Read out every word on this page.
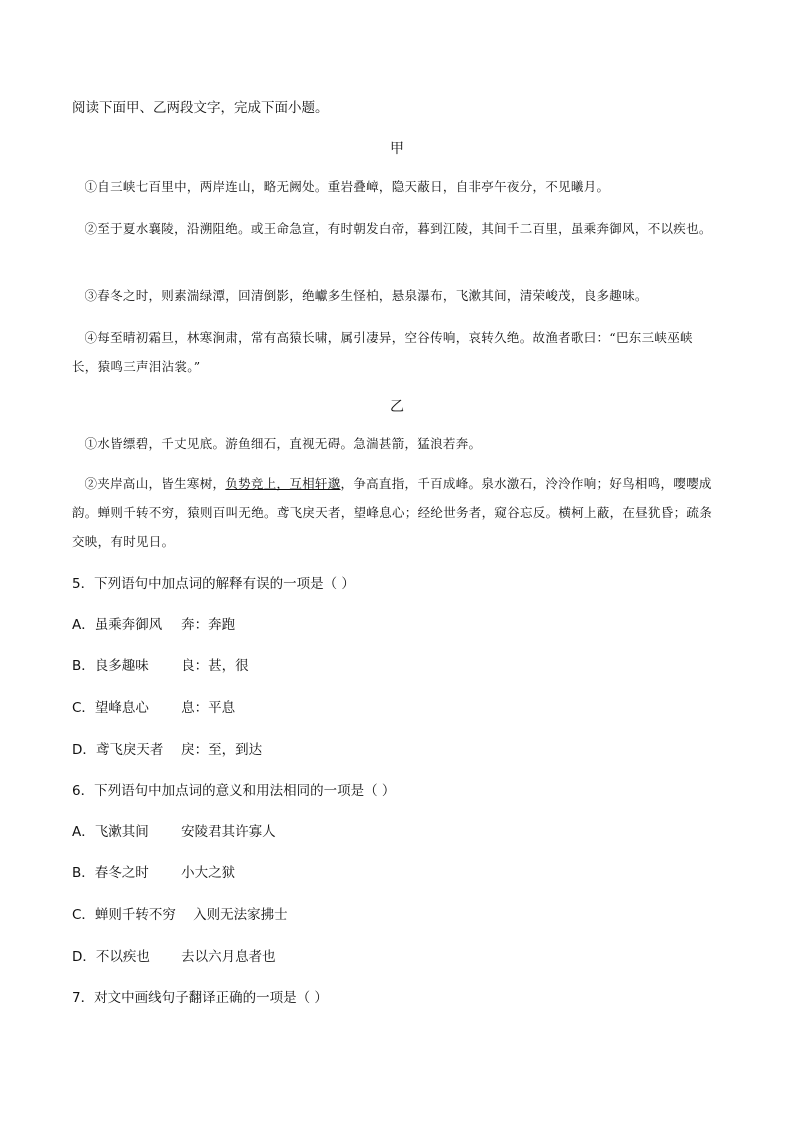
阅读下面甲、乙两段文字，完成下面小题。
甲
①自三峡七百里中，两岸连山，略无阙处。重岩叠嶂，隐天蔽日，自非亭午夜分，不见曦月。
②至于夏水襄陵，沿溯阻绝。或王命急宣，有时朝发白帝，暮到江陵，其间千二百里，虽乘奔御风，不以疾也。
③春冬之时，则素湍绿潭，回清倒影，绝巘多生怪柏，悬泉瀑布，飞漱其间，清荣峻茂，良多趣味。
④每至晴初霜旦，林寒涧肃，常有高猿长啸，属引凄异，空谷传响，哀转久绝。故渔者歌曰：“巴东三峡巫峡长，猿鸣三声泪沾裳。”
乙
①水皆缥碧，千丈见底。游鱼细石，直视无碍。急湍甚箭，猛浪若奔。
②夹岸高山，皆生寒树，负势竞上，互相轩邈，争高直指，千百成峰。泉水激石，泠泠作响；好鸟相鸣，嘤嘤成韵。蝉则千转不穷，猿则百叫无绝。鸢飞戾天者，望峰息心；经纶世务者，窥谷忘反。横柯上蔽，在昼犹昏；疏条交映，有时见日。
5．下列语句中加点词的解释有误的一项是（ ）
A．虽乘奔御风 奔：奔跑
B．良多趣味 良：甚，很
C．望峰息心 息：平息
D．鸢飞戾天者 戾：至，到达
6．下列语句中加点词的意义和用法相同的一项是（ ）
A．飞漱其间 安陵君其许寡人
B．春冬之时 小大之狱
C．蝉则千转不穷 入则无法家拂士
D．不以疾也 去以六月息者也
7．对文中画线句子翻译正确的一项是（ ）
